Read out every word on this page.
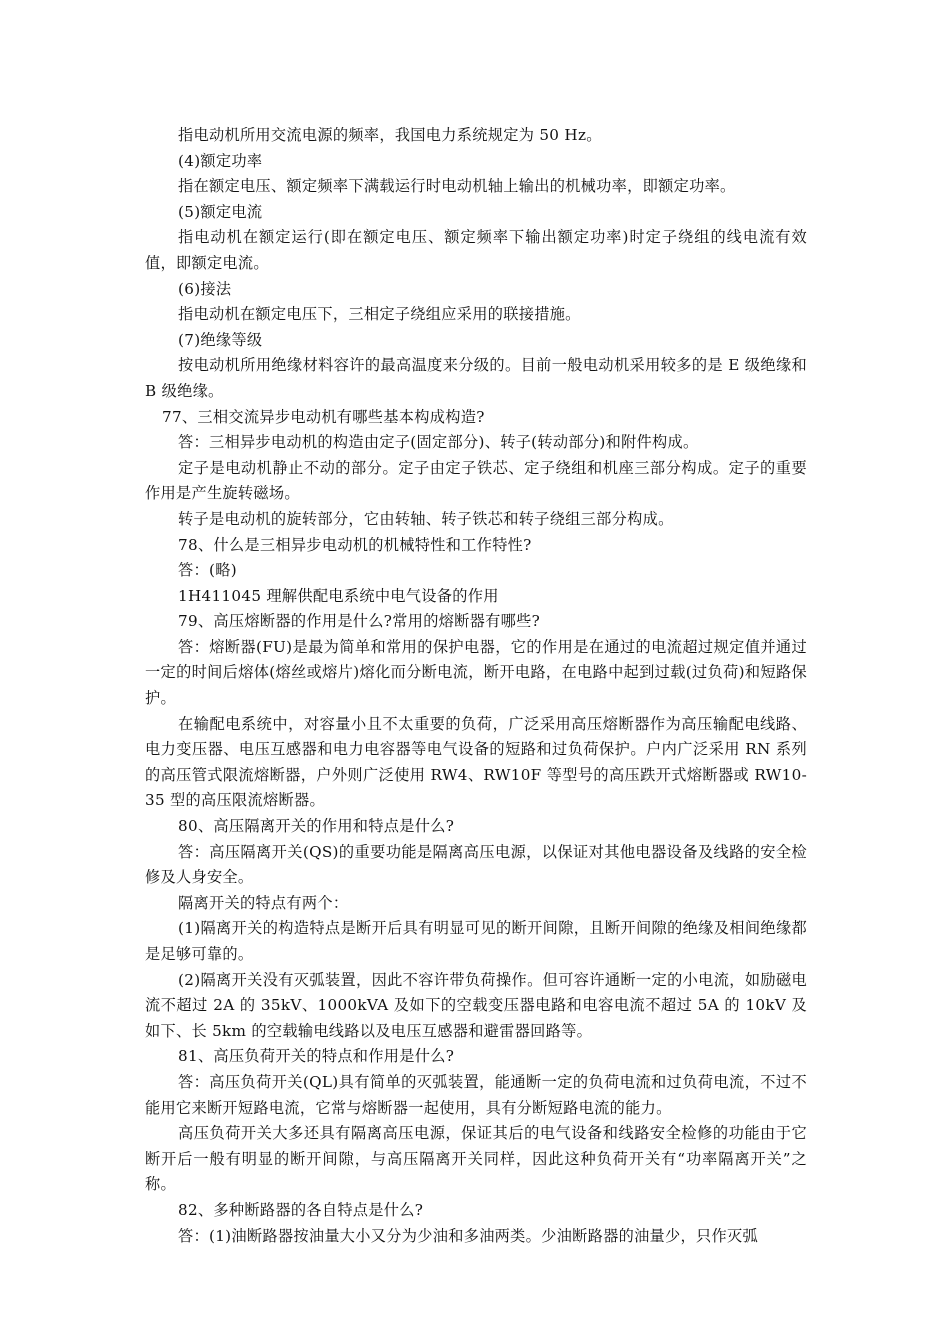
指电动机所用交流电源的频率，我国电力系统规定为 50 Hz。

(4)额定功率

指在额定电压、额定频率下满载运行时电动机轴上输出的机械功率，即额定功率。

(5)额定电流

指电动机在额定运行(即在额定电压、额定频率下输出额定功率)时定子绕组的线电流有效值，即额定电流。

(6)接法

指电动机在额定电压下，三相定子绕组应采用的联接措施。

(7)绝缘等级

按电动机所用绝缘材料容许的最高温度来分级的。目前一般电动机采用较多的是 E 级绝缘和 B 级绝缘。

77、三相交流异步电动机有哪些基本构成构造?

答：三相异步电动机的构造由定子(固定部分)、转子(转动部分)和附件构成。

定子是电动机静止不动的部分。定子由定子铁芯、定子绕组和机座三部分构成。定子的重要作用是产生旋转磁场。

转子是电动机的旋转部分，它由转轴、转子铁芯和转子绕组三部分构成。

78、什么是三相异步电动机的机械特性和工作特性?

答：(略)

1H411045 理解供配电系统中电气设备的作用

79、高压熔断器的作用是什么?常用的熔断器有哪些?

答：熔断器(FU)是最为简单和常用的保护电器，它的作用是在通过的电流超过规定值并通过一定的时间后熔体(熔丝或熔片)熔化而分断电流，断开电路，在电路中起到过载(过负荷)和短路保护。

在输配电系统中，对容量小且不太重要的负荷，广泛采用高压熔断器作为高压输配电线路、电力变压器、电压互感器和电力电容器等电气设备的短路和过负荷保护。户内广泛采用 RN 系列的高压管式限流熔断器，户外则广泛使用 RW4、RW10F 等型号的高压跌开式熔断器或 RW10-35 型的高压限流熔断器。

80、高压隔离开关的作用和特点是什么?

答：高压隔离开关(QS)的重要功能是隔离高压电源，以保证对其他电器设备及线路的安全检修及人身安全。

隔离开关的特点有两个：

(1)隔离开关的构造特点是断开后具有明显可见的断开间隙，且断开间隙的绝缘及相间绝缘都是足够可靠的。

(2)隔离开关没有灭弧装置，因此不容许带负荷操作。但可容许通断一定的小电流，如励磁电流不超过 2A 的 35kV、1000kVA 及如下的空载变压器电路和电容电流不超过 5A 的 10kV 及如下、长 5km 的空载输电线路以及电压互感器和避雷器回路等。

81、高压负荷开关的特点和作用是什么?

答：高压负荷开关(QL)具有简单的灭弧装置，能通断一定的负荷电流和过负荷电流，不过不能用它来断开短路电流，它常与熔断器一起使用，具有分断短路电流的能力。

高压负荷开关大多还具有隔离高压电源，保证其后的电气设备和线路安全检修的功能由于它断开后一般有明显的断开间隙，与高压隔离开关同样，因此这种负荷开关有“功率隔离开关”之称。

82、多种断路器的各自特点是什么?

答：(1)油断路器按油量大小又分为少油和多油两类。少油断路器的油量少，只作灭弧
